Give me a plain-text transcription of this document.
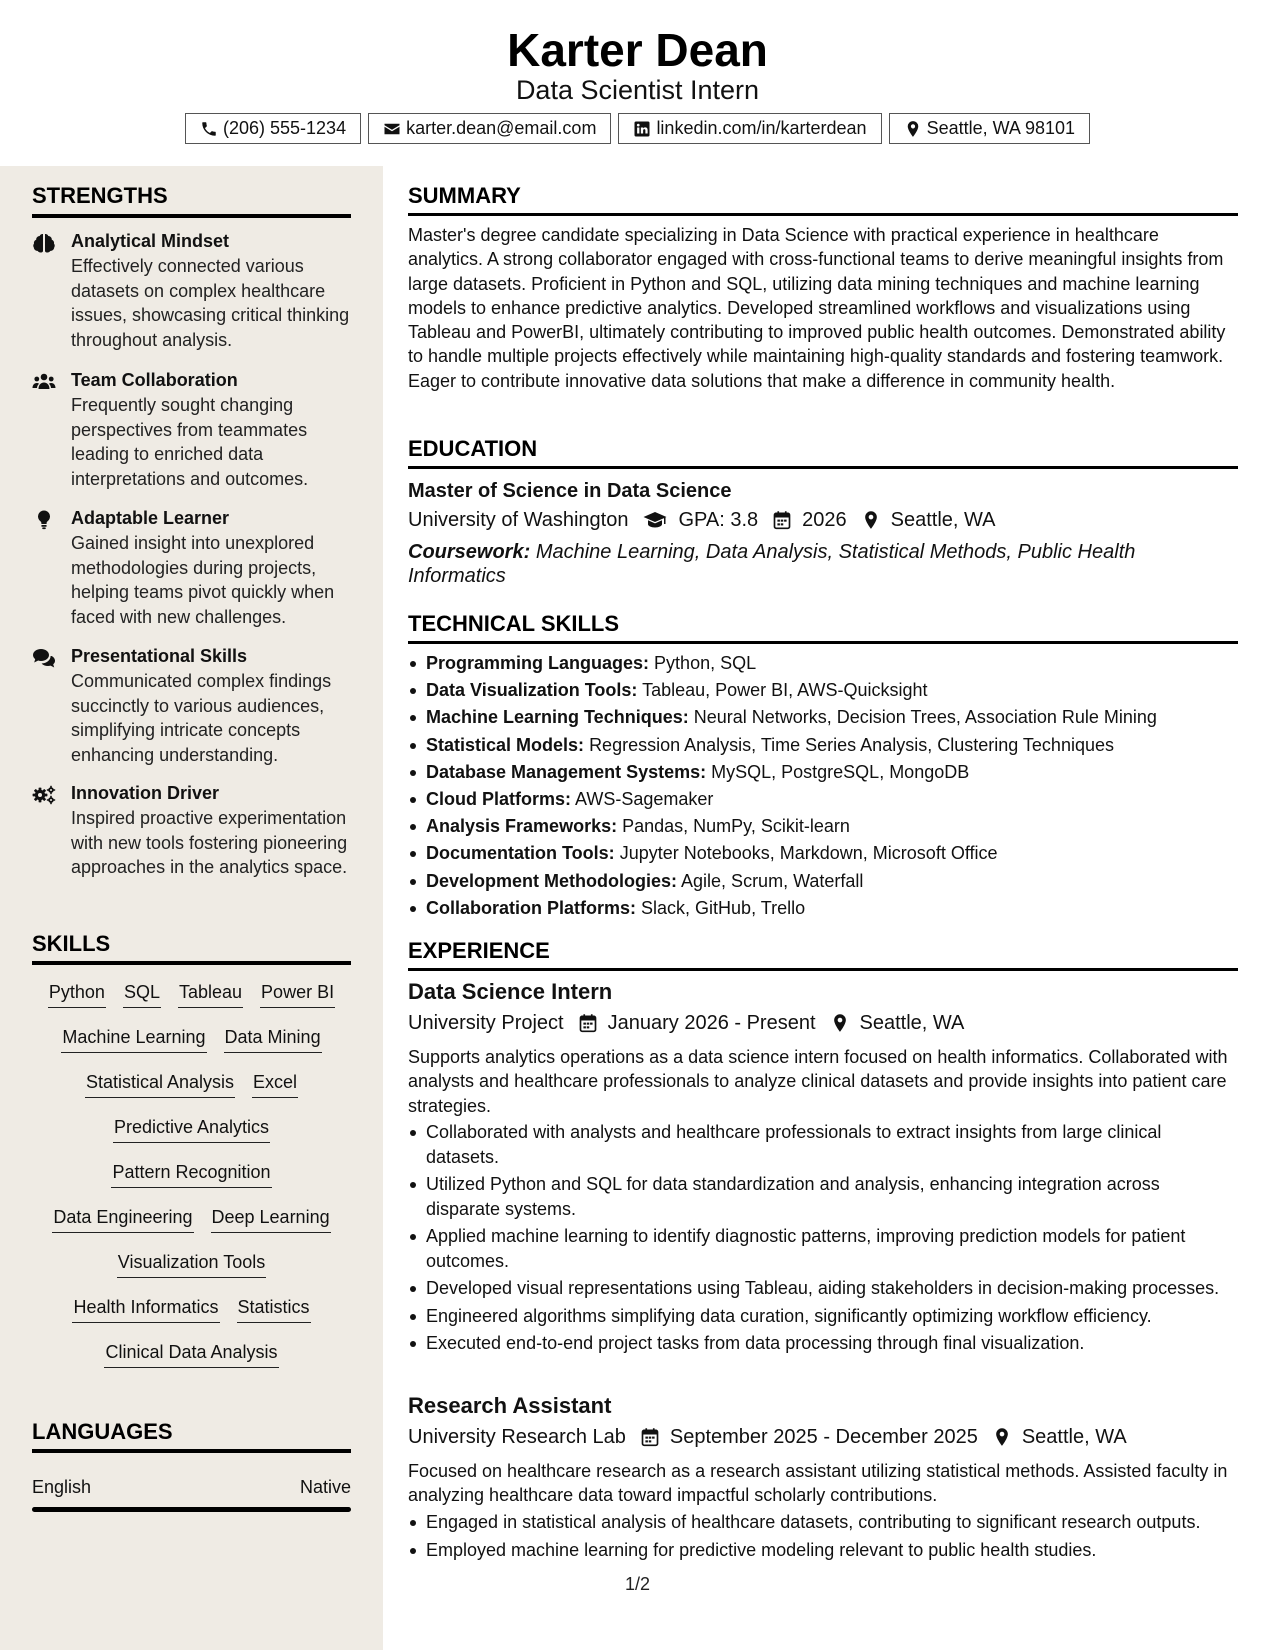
Karter Dean
Data Scientist Intern
(206) 555-1234	karter.dean@email.com	linkedin.com/in/karterdean	Seattle, WA 98101
STRENGTHS
Analytical Mindset
Effectively connected various datasets on complex healthcare issues, showcasing critical thinking throughout analysis.
Team Collaboration
Frequently sought changing perspectives from teammates leading to enriched data interpretations and outcomes.
Adaptable Learner
Gained insight into unexplored methodologies during projects, helping teams pivot quickly when faced with new challenges.
Presentational Skills
Communicated complex findings succinctly to various audiences, simplifying intricate concepts enhancing understanding.
Innovation Driver
Inspired proactive experimentation with new tools fostering pioneering approaches in the analytics space.
SKILLS
Python SQL Tableau Power BI
Machine Learning Data Mining
Statistical Analysis Excel
Predictive Analytics
Pattern Recognition
Data Engineering Deep Learning
Visualization Tools
Health Informatics Statistics
Clinical Data Analysis
LANGUAGES
English	Native
SUMMARY
Master's degree candidate specializing in Data Science with practical experience in healthcare analytics. A strong collaborator engaged with cross-functional teams to derive meaningful insights from large datasets. Proficient in Python and SQL, utilizing data mining techniques and machine learning models to enhance predictive analytics. Developed streamlined workflows and visualizations using Tableau and PowerBI, ultimately contributing to improved public health outcomes. Demonstrated ability to handle multiple projects effectively while maintaining high-quality standards and fostering teamwork. Eager to contribute innovative data solutions that make a difference in community health.
EDUCATION
Master of Science in Data Science
University of Washington	GPA: 3.8 2026 Seattle, WA
Coursework: Machine Learning, Data Analysis, Statistical Methods, Public Health Informatics
TECHNICAL SKILLS
Programming Languages: Python, SQL
Data Visualization Tools: Tableau, Power BI, AWS-Quicksight
Machine Learning Techniques: Neural Networks, Decision Trees, Association Rule Mining
Statistical Models: Regression Analysis, Time Series Analysis, Clustering Techniques
Database Management Systems: MySQL, PostgreSQL, MongoDB
Cloud Platforms: AWS-Sagemaker
Analysis Frameworks: Pandas, NumPy, Scikit-learn
Documentation Tools: Jupyter Notebooks, Markdown, Microsoft Office
Development Methodologies: Agile, Scrum, Waterfall
Collaboration Platforms: Slack, GitHub, Trello
EXPERIENCE
Data Science Intern
University Project January 2026 - Present Seattle, WA
Supports analytics operations as a data science intern focused on health informatics. Collaborated with analysts and healthcare professionals to analyze clinical datasets and provide insights into patient care strategies.
Collaborated with analysts and healthcare professionals to extract insights from large clinical datasets.
Utilized Python and SQL for data standardization and analysis, enhancing integration across disparate systems.
Applied machine learning to identify diagnostic patterns, improving prediction models for patient outcomes.
Developed visual representations using Tableau, aiding stakeholders in decision-making processes.
Engineered algorithms simplifying data curation, significantly optimizing workflow efficiency.
Executed end-to-end project tasks from data processing through final visualization.
Research Assistant
University Research Lab September 2025 - December 2025 Seattle, WA
Focused on healthcare research as a research assistant utilizing statistical methods. Assisted faculty in analyzing healthcare data toward impactful scholarly contributions.
Engaged in statistical analysis of healthcare datasets, contributing to significant research outputs.
Employed machine learning for predictive modeling relevant to public health studies.
1/2
